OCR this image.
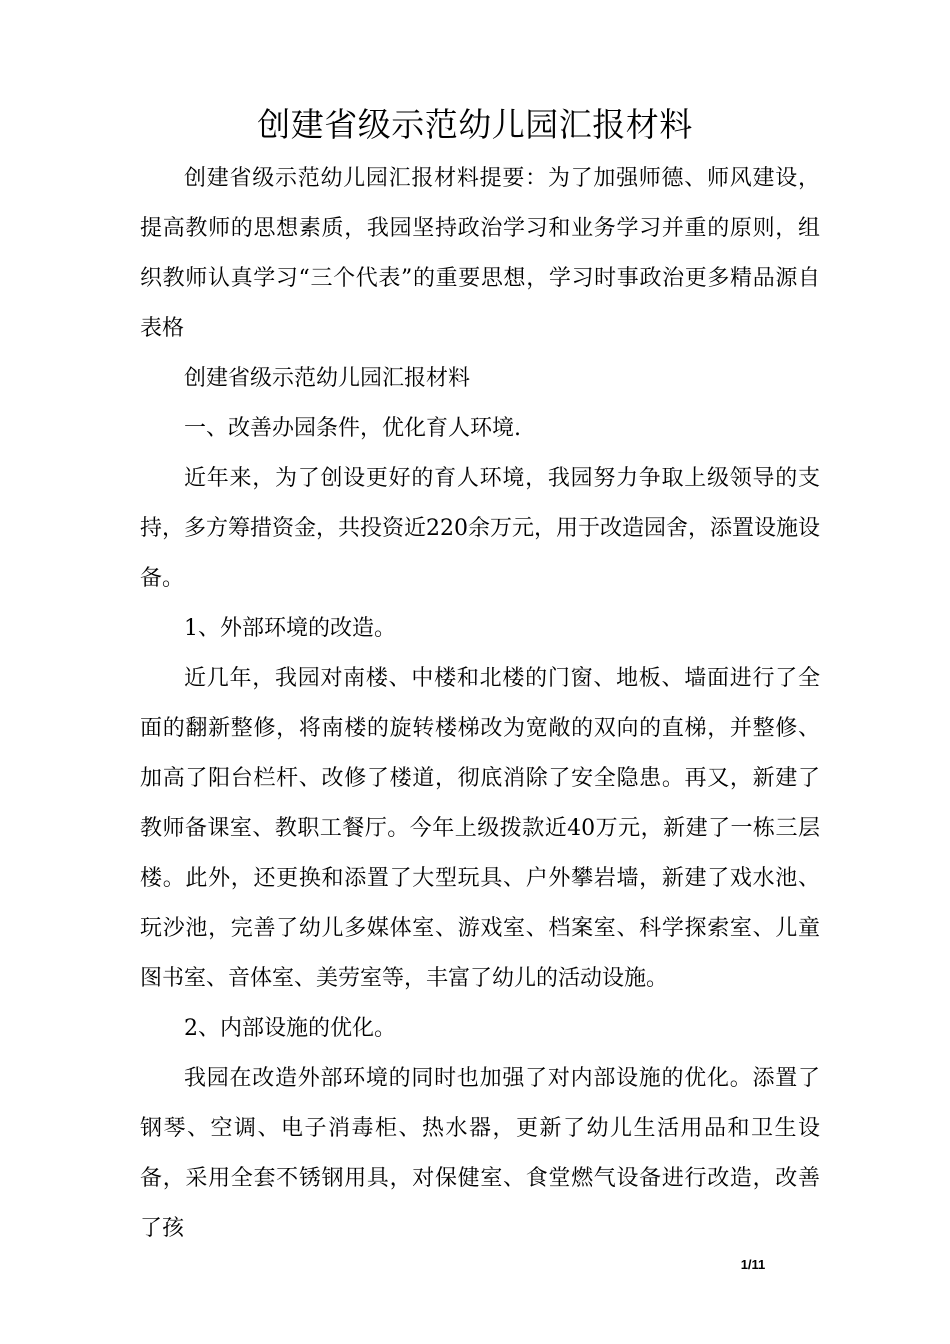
创建省级示范幼儿园汇报材料

创建省级示范幼儿园汇报材料提要：为了加强师德、师风建设，提高教师的思想素质，我园坚持政治学习和业务学习并重的原则，组织教师认真学习“三个代表”的重要思想，学习时事政治更多精品源自表格

创建省级示范幼儿园汇报材料

一、改善办园条件，优化育人环境.

近年来，为了创设更好的育人环境，我园努力争取上级领导的支持，多方筹措资金，共投资近220余万元，用于改造园舍，添置设施设备。

1、外部环境的改造。

近几年，我园对南楼、中楼和北楼的门窗、地板、墙面进行了全面的翻新整修，将南楼的旋转楼梯改为宽敞的双向的直梯，并整修、加高了阳台栏杆、改修了楼道，彻底消除了安全隐患。再又，新建了教师备课室、教职工餐厅。今年上级拨款近40万元，新建了一栋三层楼。此外，还更换和添置了大型玩具、户外攀岩墙，新建了戏水池、玩沙池，完善了幼儿多媒体室、游戏室、档案室、科学探索室、儿童图书室、音体室、美劳室等，丰富了幼儿的活动设施。

2、内部设施的优化。

我园在改造外部环境的同时也加强了对内部设施的优化。添置了钢琴、空调、电子消毒柜、热水器，更新了幼儿生活用品和卫生设备，采用全套不锈钢用具，对保健室、食堂燃气设备进行改造，改善了孩

1/11
